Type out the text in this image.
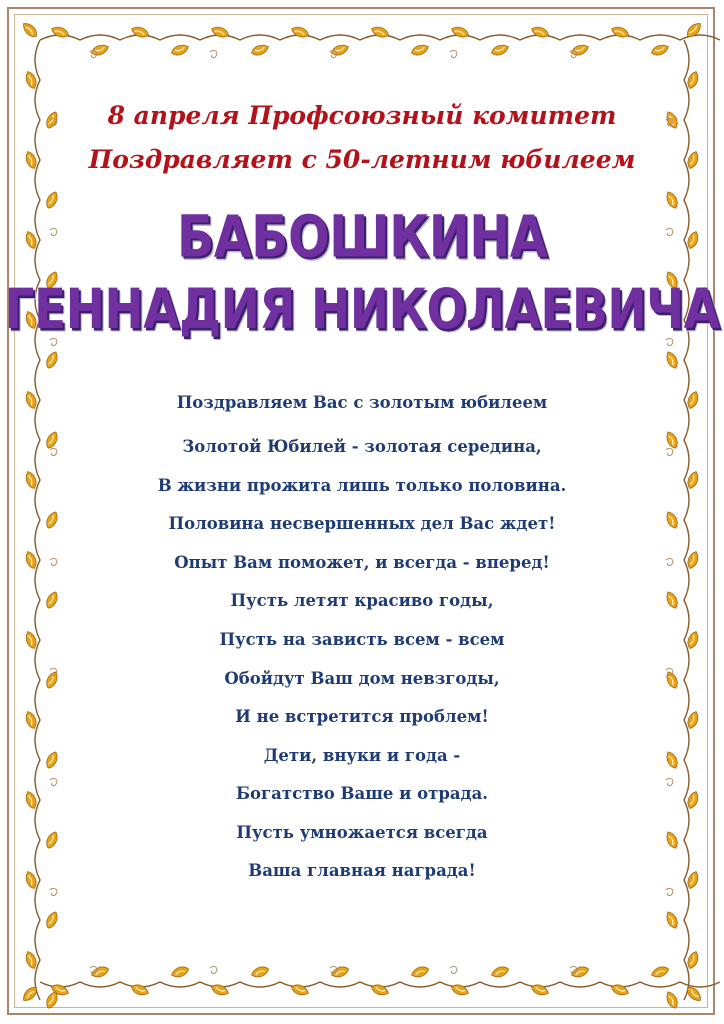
8 апреля Профсоюзный комитет
Поздравляет с 50-летним юбилеем
БАБОШКИНА
ГЕННАДИЯ НИКОЛАЕВИЧА
Поздравляем Вас с золотым юбилеем
Золотой Юбилей - золотая середина,
В жизни прожита лишь только половина.
Половина несвершенных дел Вас ждет!
Опыт Вам поможет, и всегда - вперед!
Пусть летят красиво годы,
Пусть на зависть всем - всем
Обойдут Ваш дом невзгоды,
И не встретится проблем!
Дети, внуки и года -
Богатство Ваше и отрада.
Пусть умножается всегда
Ваша главная награда!
